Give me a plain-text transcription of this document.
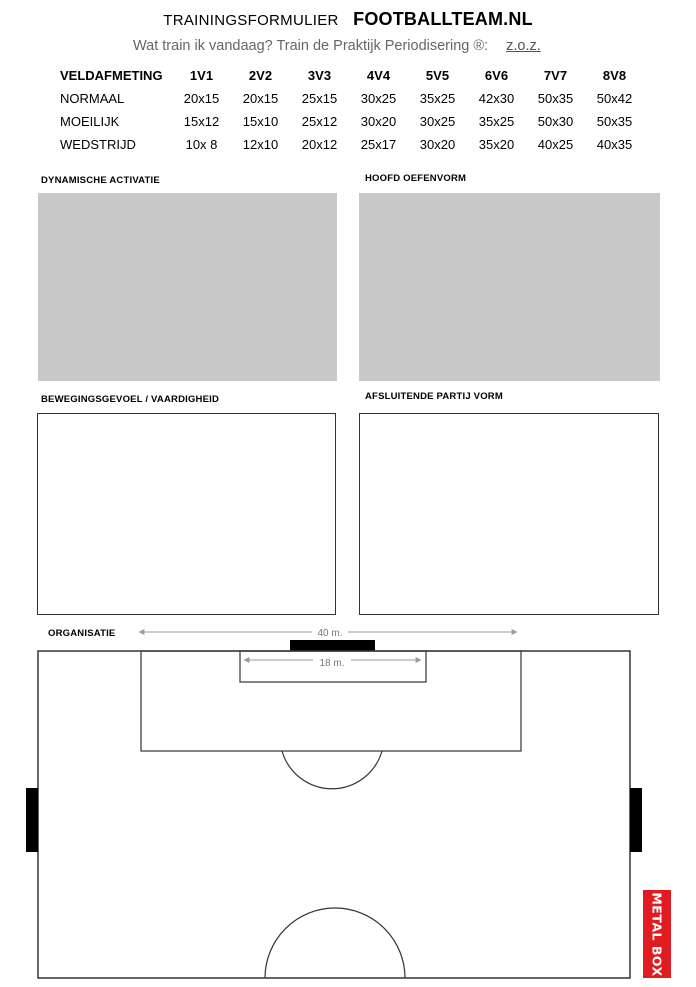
TRAININGSFORMULIER FOOTBALLTEAM.NL
Wat train ik vandaag? Train de Praktijk Periodisering ®: z.o.z.
VELDAFMETING	1V1	2V2	3V3	4V4	5V5	6V6	7V7	8V8
NORMAAL	20x15	20x15	25x15	30x25	35x25	42x30	50x35	50x42
MOEILIJK	15x12	15x10	25x12	30x20	30x25	35x25	50x30	50x35
WEDSTRIJD	10x 8	12x10	20x12	25x17	30x20	35x20	40x25	40x35
DYNAMISCHE ACTIVATIE	HOOFD OEFENVORM
BEWEGINGSGEVOEL / VAARDIGHEID	AFSLUITENDE PARTIJ VORM
ORGANISATIE	40 m.
18 m.
METAL BOX
